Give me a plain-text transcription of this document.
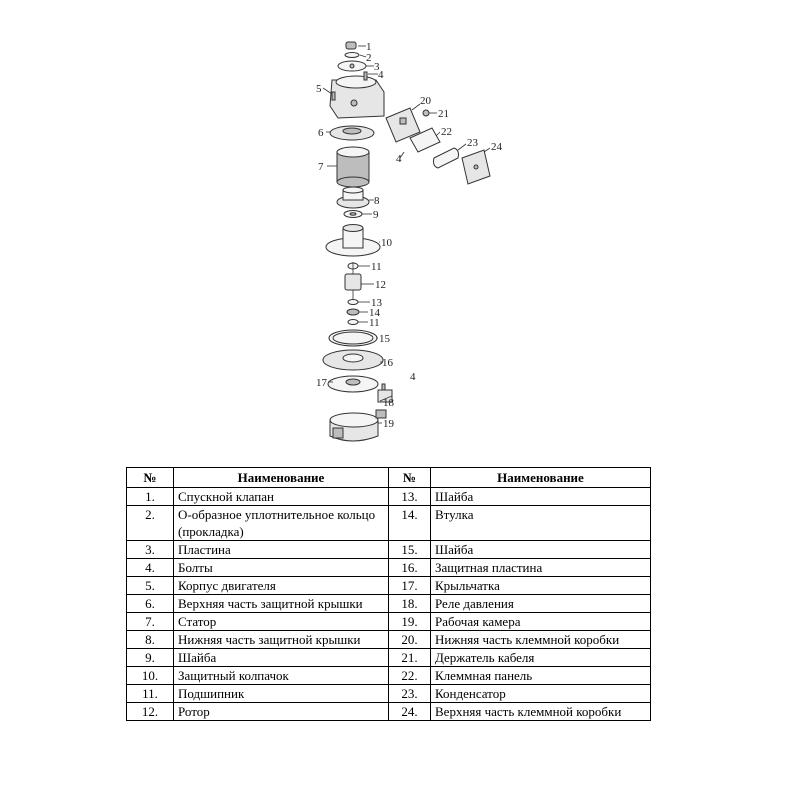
1
2
3
4
5
6
7
8
9
10
11
12
13
14
11
15
16
17	4
18
19
20
21
22
4
23 24
№	Наименование	№	Наименование
1.	Спускной клапан	13.	Шайба
2.	О-образное уплотнительное кольцо (прокладка)	14.	Втулка
3.	Пластина	15.	Шайба
4.	Болты	16.	Защитная пластина
5.	Корпус двигателя	17.	Крыльчатка
6.	Верхняя часть защитной крышки	18.	Реле давления
7.	Статор	19.	Рабочая камера
8.	Нижняя часть защитной крышки	20.	Нижняя часть клеммной коробки
9.	Шайба	21.	Держатель кабеля
10.	Защитный колпачок	22.	Клеммная панель
11.	Подшипник	23.	Конденсатор
12.	Ротор	24.	Верхняя часть клеммной коробки
